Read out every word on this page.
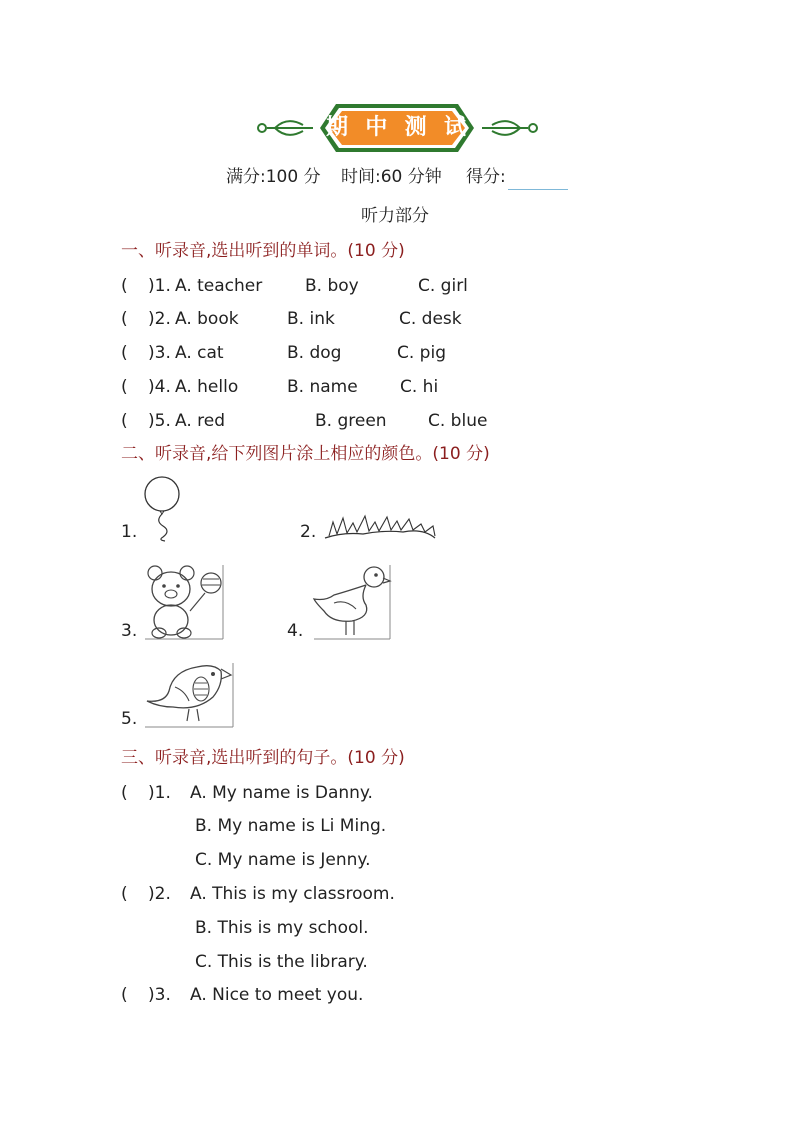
期 中 测 试
满分:100 分 时间:60 分钟 得分:
听力部分
一、听录音,选出听到的单词。(10 分)
( )1. A. teacher	B. boy	C. girl
( )2. A. book	B. ink	C. desk
( )3. A. cat	B. dog	C. pig
( )4. A. hello	B. name C. hi
( )5. A. red	B. green C. blue
二、听录音,给下列图片涂上相应的颜色。(10 分)
1.	2.
3.	4.
5.
三、听录音,选出听到的句子。(10 分)
( )1. A. My name is Danny.
B. My name is Li Ming.
C. My name is Jenny.
( )2. A. This is my classroom.
B. This is my school.
C. This is the library.
( )3. A. Nice to meet you.
